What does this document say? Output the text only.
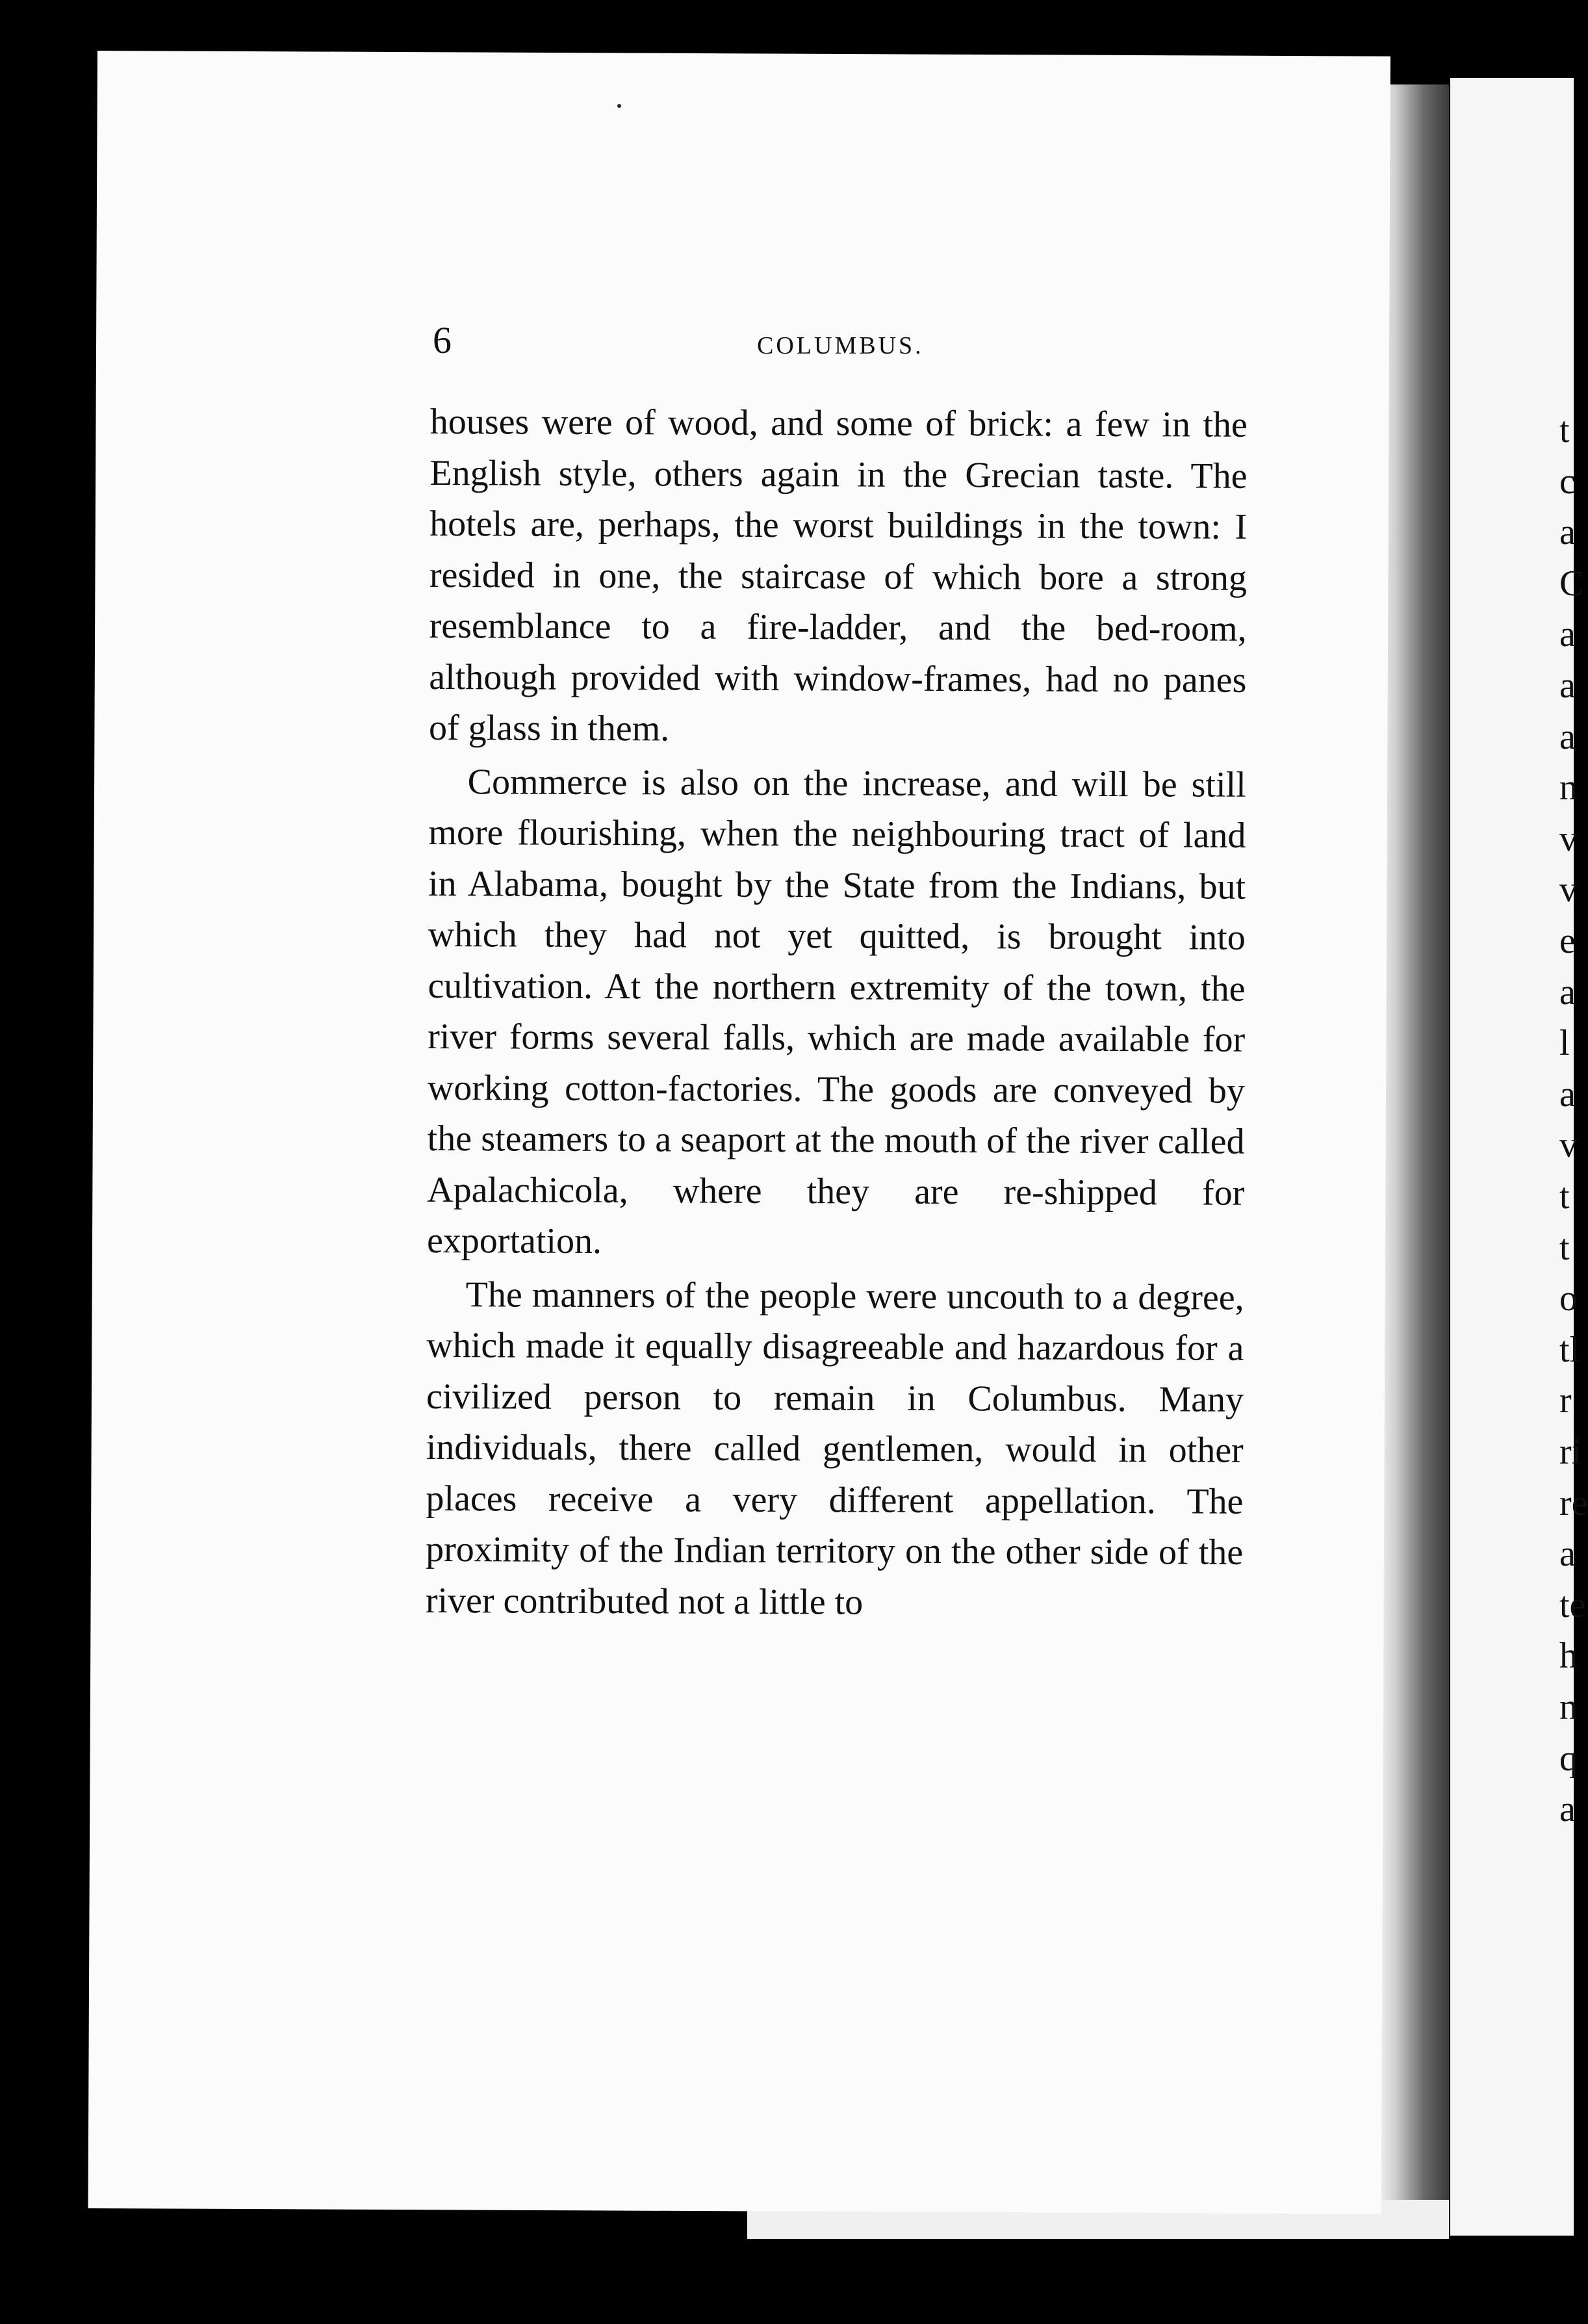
6	COLUMBUS.

houses were of wood, and some of brick: a few in the English style, others again in the Grecian taste. The hotels are, perhaps, the worst buildings in the town: I resided in one, the staircase of which bore a strong resemblance to a fire-ladder, and the bed-room, although provided with window-frames, had no panes of glass in them.

Commerce is also on the increase, and will be still more flourishing, when the neighbouring tract of land in Alabama, bought by the State from the Indians, but which they had not yet quitted, is brought into cultivation. At the northern extremity of the town, the river forms several falls, which are made available for working cotton-factories. The goods are conveyed by the steamers to a seaport at the mouth of the river called Apalachicola, where they are re-shipped for exportation.

The manners of the people were uncouth to a degree, which made it equally disagreeable and hazardous for a civilized person to remain in Columbus. Many individuals, there called gentlemen, would in other places receive a very different appellation. The proximity of the Indian territory on the other side of the river contributed not a little to

t
c
a
C
a
a
a
n
v
v
e
a
l
a
v
t
t
o
tl
r
ri
re
a
te
h
n
q
a
